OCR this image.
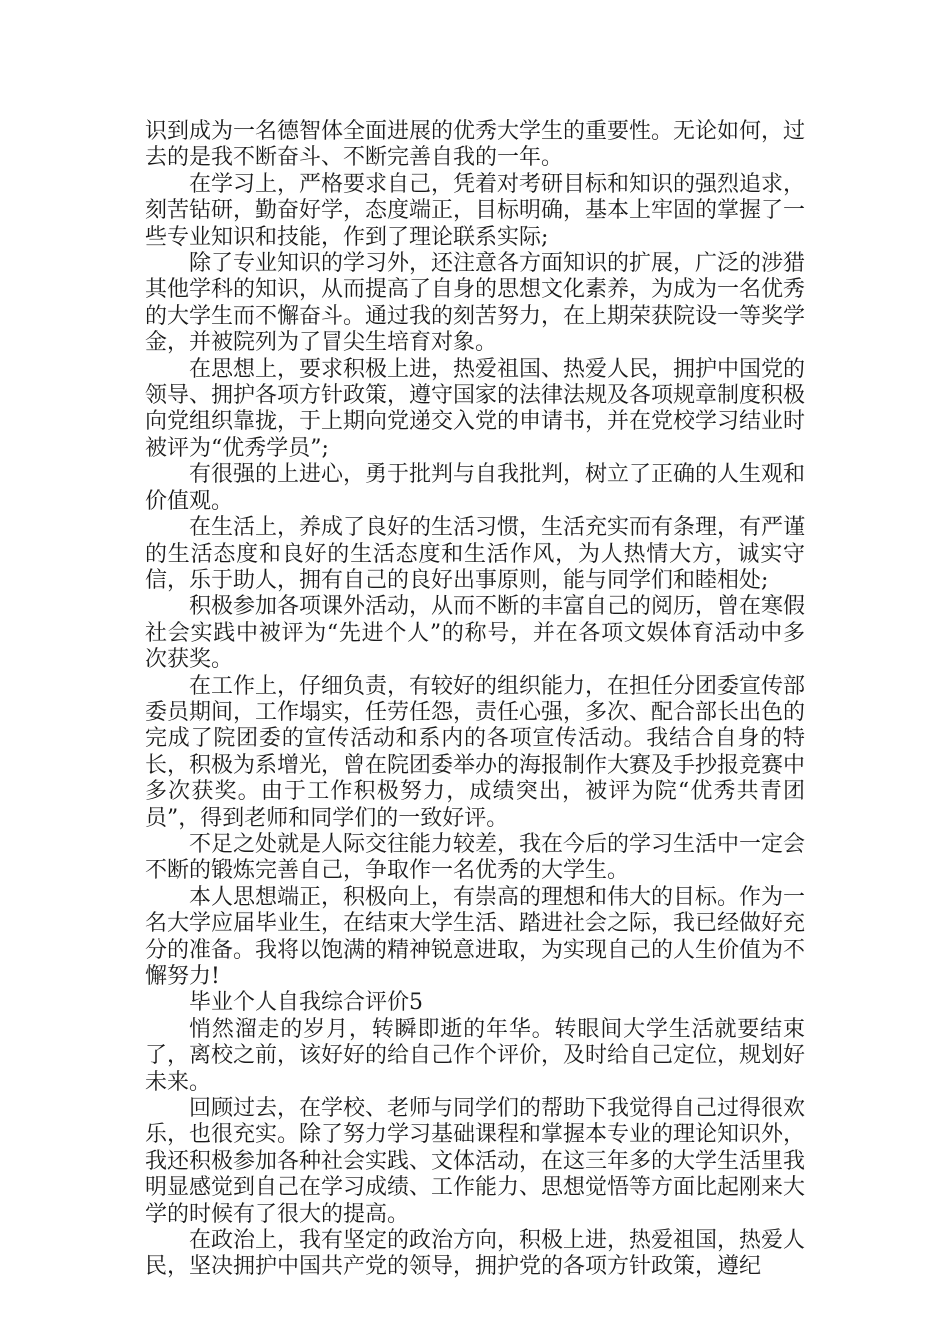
识到成为一名德智体全面进展的优秀大学生的重要性。无论如何，过去的是我不断奋斗、不断完善自我的一年。

在学习上，严格要求自己，凭着对考研目标和知识的强烈追求，刻苦钻研，勤奋好学，态度端正，目标明确，基本上牢固的掌握了一些专业知识和技能，作到了理论联系实际;

除了专业知识的学习外，还注意各方面知识的扩展，广泛的涉猎其他学科的知识，从而提高了自身的思想文化素养，为成为一名优秀的大学生而不懈奋斗。通过我的刻苦努力，在上期荣获院设一等奖学金，并被院列为了冒尖生培育对象。

在思想上，要求积极上进，热爱祖国、热爱人民，拥护中国党的领导、拥护各项方针政策，遵守国家的法律法规及各项规章制度积极向党组织靠拢，于上期向党递交入党的申请书，并在党校学习结业时被评为“优秀学员”;

有很强的上进心，勇于批判与自我批判，树立了正确的人生观和价值观。

在生活上，养成了良好的生活习惯，生活充实而有条理，有严谨的生活态度和良好的生活态度和生活作风，为人热情大方，诚实守信，乐于助人，拥有自己的良好出事原则，能与同学们和睦相处;

积极参加各项课外活动，从而不断的丰富自己的阅历，曾在寒假社会实践中被评为“先进个人”的称号，并在各项文娱体育活动中多次获奖。

在工作上，仔细负责，有较好的组织能力，在担任分团委宣传部委员期间，工作塌实，任劳任怨，责任心强，多次、配合部长出色的完成了院团委的宣传活动和系内的各项宣传活动。我结合自身的特长，积极为系增光，曾在院团委举办的海报制作大赛及手抄报竞赛中多次获奖。由于工作积极努力，成绩突出，被评为院“优秀共青团员”，得到老师和同学们的一致好评。

不足之处就是人际交往能力较差，我在今后的学习生活中一定会不断的锻炼完善自己，争取作一名优秀的大学生。

本人思想端正，积极向上，有崇高的理想和伟大的目标。作为一名大学应届毕业生，在结束大学生活、踏进社会之际，我已经做好充分的准备。我将以饱满的精神锐意进取，为实现自己的人生价值为不懈努力!

毕业个人自我综合评价5

悄然溜走的岁月，转瞬即逝的年华。转眼间大学生活就要结束了，离校之前，该好好的给自己作个评价，及时给自己定位，规划好未来。

回顾过去，在学校、老师与同学们的帮助下我觉得自己过得很欢乐，也很充实。除了努力学习基础课程和掌握本专业的理论知识外，我还积极参加各种社会实践、文体活动，在这三年多的大学生活里我明显感觉到自己在学习成绩、工作能力、思想觉悟等方面比起刚来大学的时候有了很大的提高。

在政治上，我有坚定的政治方向，积极上进，热爱祖国，热爱人民，坚决拥护中国共产党的领导，拥护党的各项方针政策，遵纪
